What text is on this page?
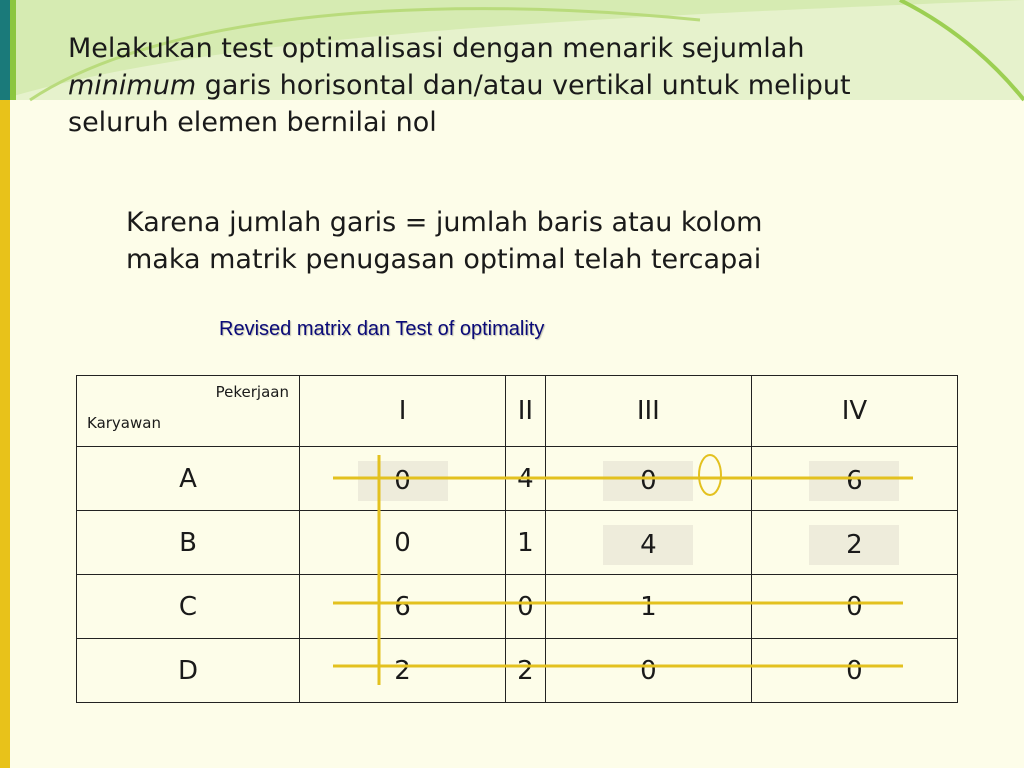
Melakukan test optimalisasi dengan menarik sejumlah
minimum garis horisontal dan/atau vertikal untuk meliput
seluruh elemen bernilai nol

Karena jumlah garis = jumlah baris atau kolom
maka matrik penugasan optimal telah tercapai

Revised matrix dan Test of optimality

Pekerjaan
Karyawan	I	II	III	IV
A	0	4	0	6
B	0	1	4	2
C	6	0	1	0
D	2	2	0	0
